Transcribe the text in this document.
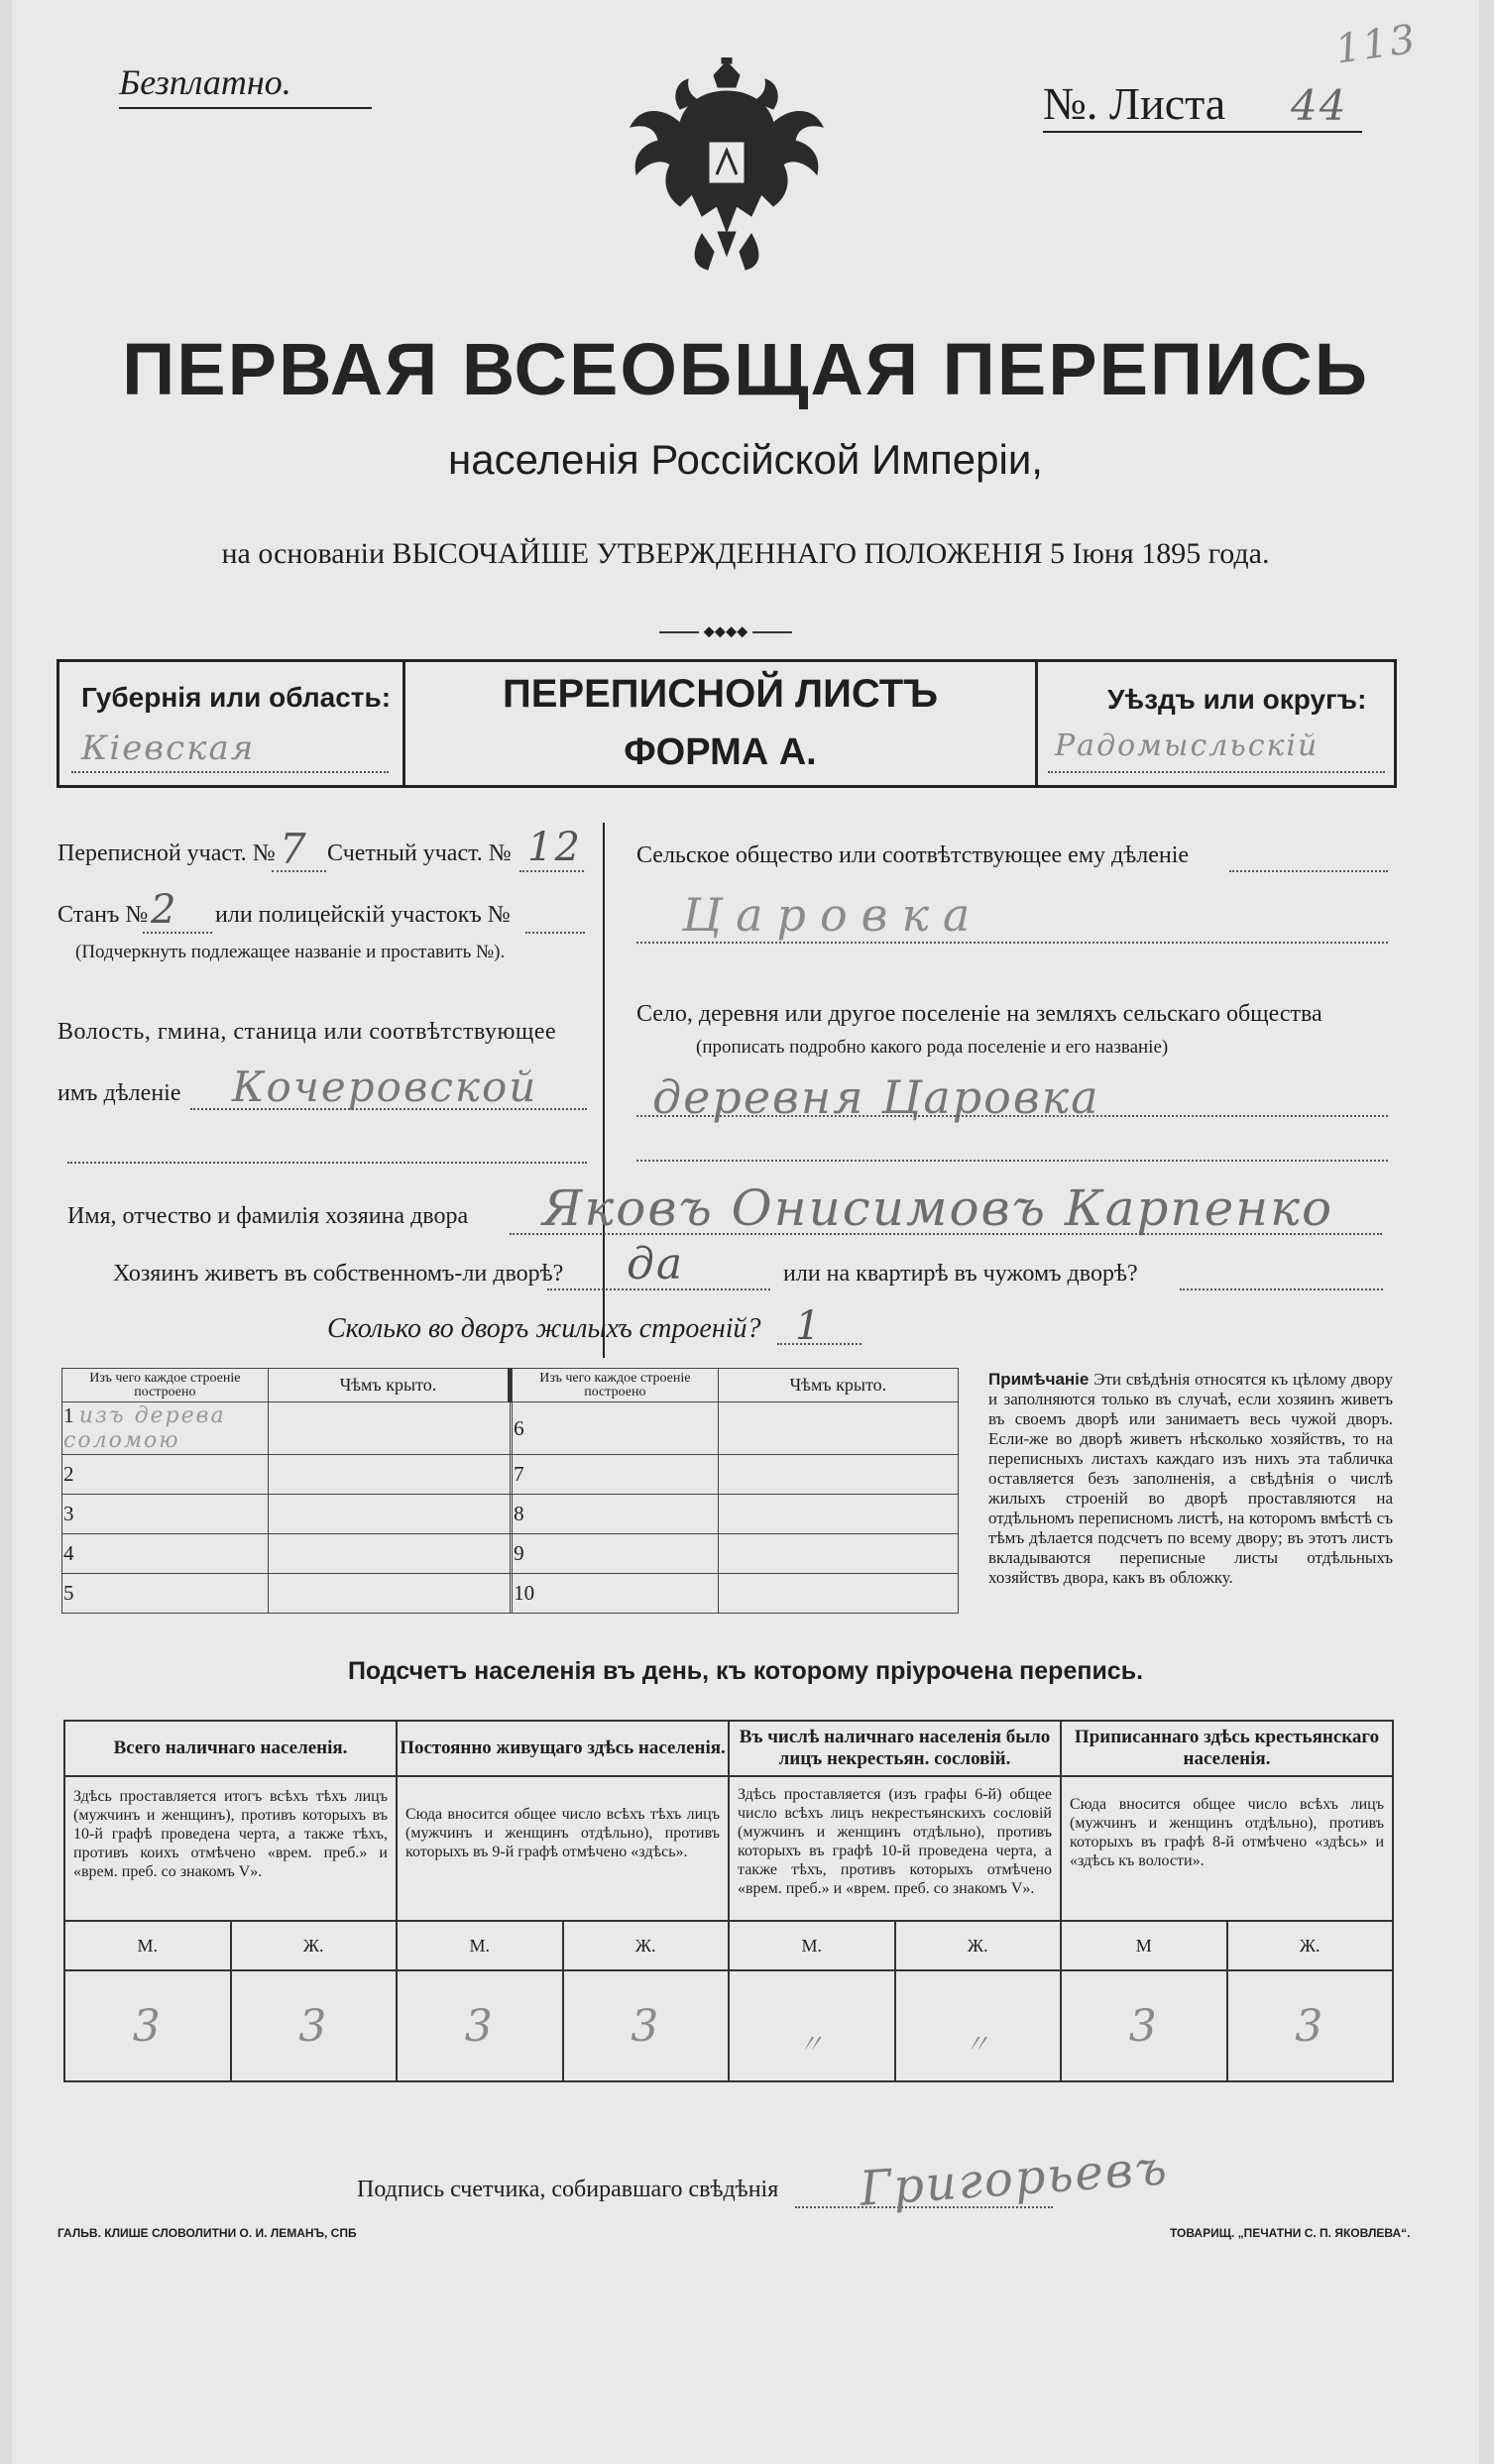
Безплатно.	№. Листа 44
113
ПЕРВАЯ ВСЕОБЩАЯ ПЕРЕПИСЬ
населенія Россійской Имперіи,
на основаніи ВЫСОЧАЙШЕ УТВЕРЖДЕННАГО ПОЛОЖЕНІЯ 5 Іюня 1895 года.
⬥⬥⬥⬥
Губернія или область:
Кіевская
ПЕРЕПИСНОЙ ЛИСТЪ
ФОРМА А.
Уѣздъ или округъ:
Радомысльскій
Переписной участ. № 7 Счетный участ. № 12
Станъ № 2 или полицейскій участокъ №
(Подчеркнуть подлежащее названіе и проставить №).
Волость, гмина, станица или соотвѣтствующее
имъ дѣленіе Кочеровской
Сельское общество или соотвѣтствующее ему дѣленіе
Царовка
Село, деревня или другое поселеніе на земляхъ сельскаго общества
(прописать подробно какого рода поселеніе и его названіе)
деревня Царовка
Имя, отчество и фамилія хозяина двора Яковъ Онисимовъ Карпенко
Хозяинъ живетъ въ собственномъ-ли дворѣ? да	или на квартирѣ въ чужомъ дворѣ?
Сколько во дворъ жилыхъ строеній? 1
Изъ чего каждое строеніе построено	Чѣмъ крыто.		Изъ чего каждое строеніе построено	Чѣмъ крыто.
1 изъ дерева соломою			6	
2			7	
3			8	
4			9	
5			10	
Примѣчаніе Эти свѣдѣнія относятся къ цѣлому двору и заполняются только въ случаѣ, если хозяинъ живетъ въ своемъ дворѣ или занимаетъ весь чужой дворъ. Если-же во дворѣ живетъ нѣсколько хозяйствъ, то на переписныхъ листахъ каждаго изъ нихъ эта табличка оставляется безъ заполненія, а свѣдѣнія о числѣ жилыхъ строеній во дворѣ проставляются на отдѣльномъ переписномъ листѣ, на которомъ вмѣстѣ съ тѣмъ дѣлается подсчетъ по всему двору; въ этотъ листъ вкладываются переписные листы отдѣльныхъ хозяйствъ двора, какъ въ обложку.
Подсчетъ населенія въ день, къ которому пріурочена перепись.
Всего наличнаго населенія.		Постоянно живущаго здѣсь населенія.		Въ числѣ наличнаго населенія было лицъ некрестьян. сословій.		Приписаннаго здѣсь крестьянскаго населенія.	
Здѣсь проставляется итогъ всѣхъ тѣхъ лицъ (мужчинъ и женщинъ), противъ которыхъ въ 10-й графѣ проведена черта, а также тѣхъ, противъ коихъ отмѣчено «врем. преб.» и «врем. преб. со знакомъ V».		Сюда вносится общее число всѣхъ тѣхъ лицъ (мужчинъ и женщинъ отдѣльно), противъ которыхъ въ 9-й графѣ отмѣчено «здѣсь».		Здѣсь проставляется (изъ графы 6-й) общее число всѣхъ лицъ некрестьянскихъ сословій (мужчинъ и женщинъ отдѣльно), противъ которыхъ въ графѣ 10-й проведена черта, а также тѣхъ, противъ которыхъ отмѣчено «врем. преб.» и «врем. преб. со знакомъ V».		Сюда вносится общее число всѣхъ лицъ (мужчинъ и женщинъ отдѣльно), противъ которыхъ въ графѣ 8-й отмѣчено «здѣсь» и «здѣсь къ волости».	
М.	Ж.	М.	Ж.	М.	Ж.	М	Ж.
3	3	3	3	〃	〃	3	3
Подпись счетчика, собиравшаго свѣдѣнія Григорьевъ
ГАЛЬВ. КЛИШЕ СЛОВОЛИТНИ О. И. ЛЕМАНЪ, СПБ	ТОВАРИЩ. „ПЕЧАТНИ С. П. ЯКОВЛЕВА“.
